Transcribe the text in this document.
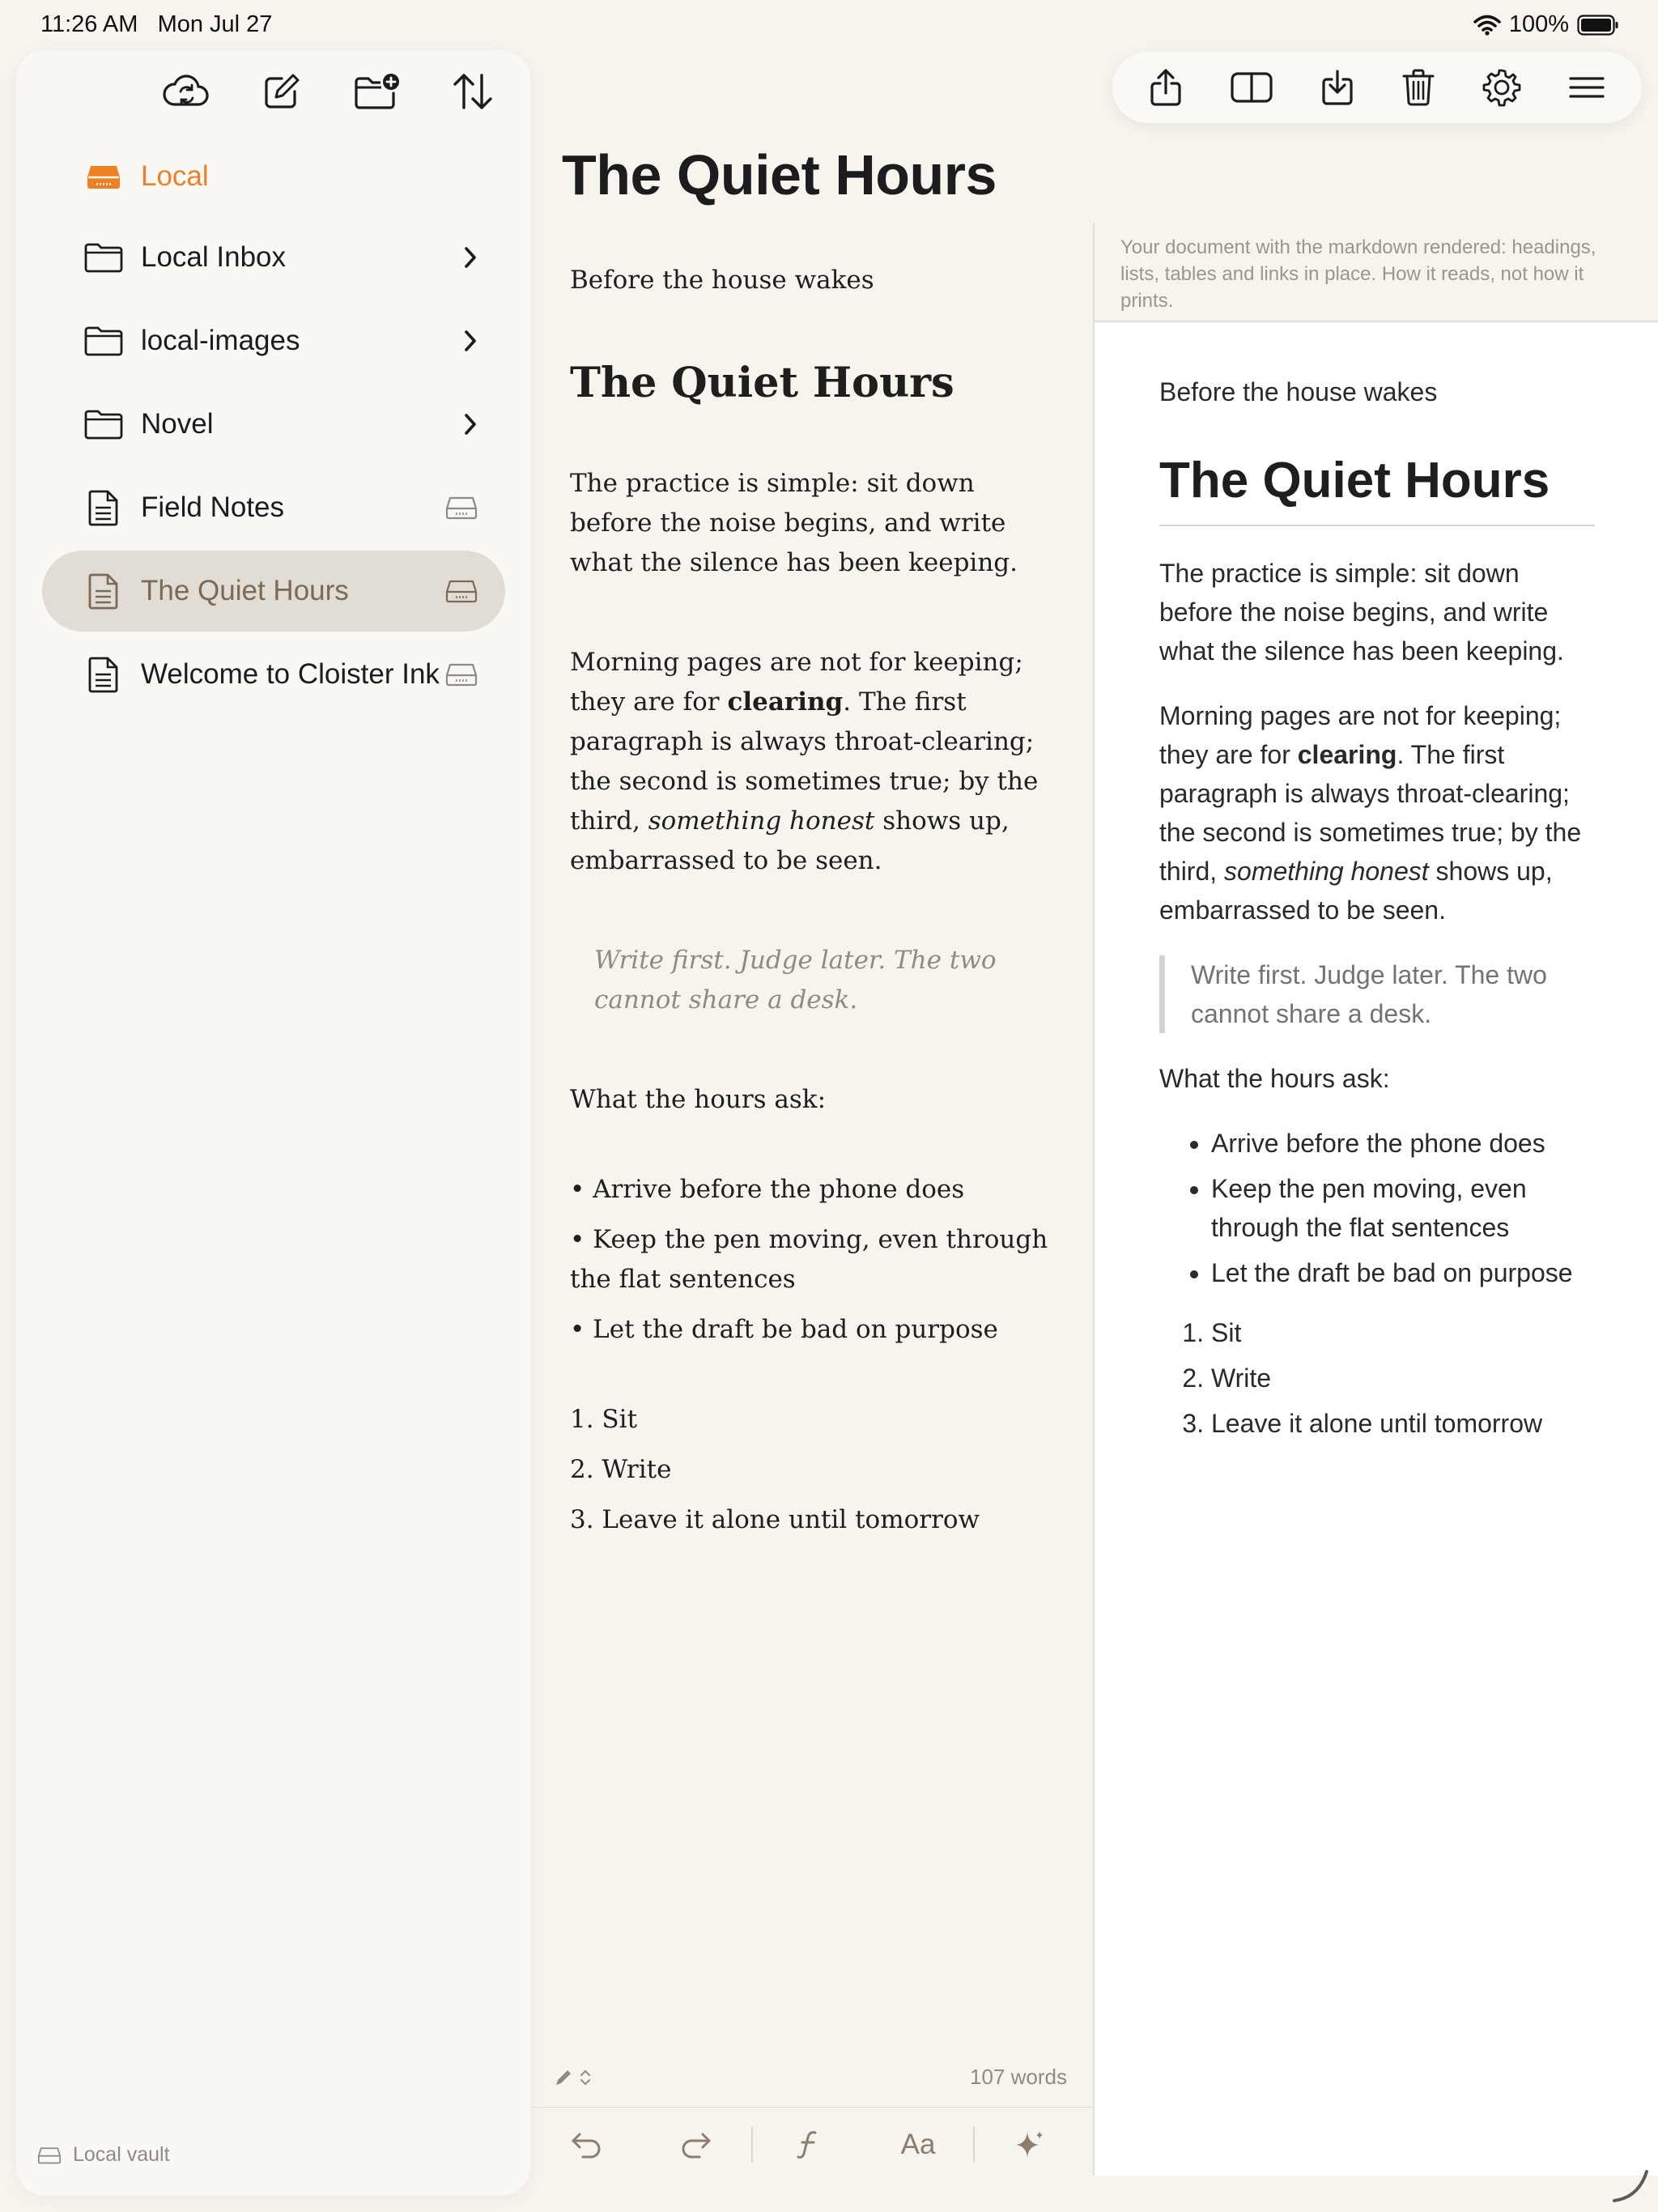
11:26 AM Mon Jul 27	100%
Local
Local Inbox
local-images
Novel
Field Notes
The Quiet Hours
Welcome to Cloister Ink
Local vault
The Quiet Hours

Before the house wakes

The Quiet Hours

The practice is simple: sit down before the noise begins, and write what the silence has been keeping.

Morning pages are not for keeping; they are for clearing. The first paragraph is always throat-clearing; the second is sometimes true; by the third, something honest shows up, embarrassed to be seen.

Write first. Judge later. The two cannot share a desk.

What the hours ask:

• Arrive before the phone does
• Keep the pen moving, even through the flat sentences
• Let the draft be bad on purpose
1. Sit
2. Write
3. Leave it alone until tomorrow
107 words
Aa
Your document with the markdown rendered: headings, lists, tables and links in place. How it reads, not how it prints.

Before the house wakes

The Quiet Hours

The practice is simple: sit down before the noise begins, and write what the silence has been keeping.

Morning pages are not for keeping; they are for clearing. The first paragraph is always throat-clearing; the second is sometimes true; by the third, something honest shows up, embarrassed to be seen.

Write first. Judge later. The two cannot share a desk.

What the hours ask:

• Arrive before the phone does
• Keep the pen moving, even through the flat sentences
• Let the draft be bad on purpose
1. Sit
2. Write
3. Leave it alone until tomorrow
